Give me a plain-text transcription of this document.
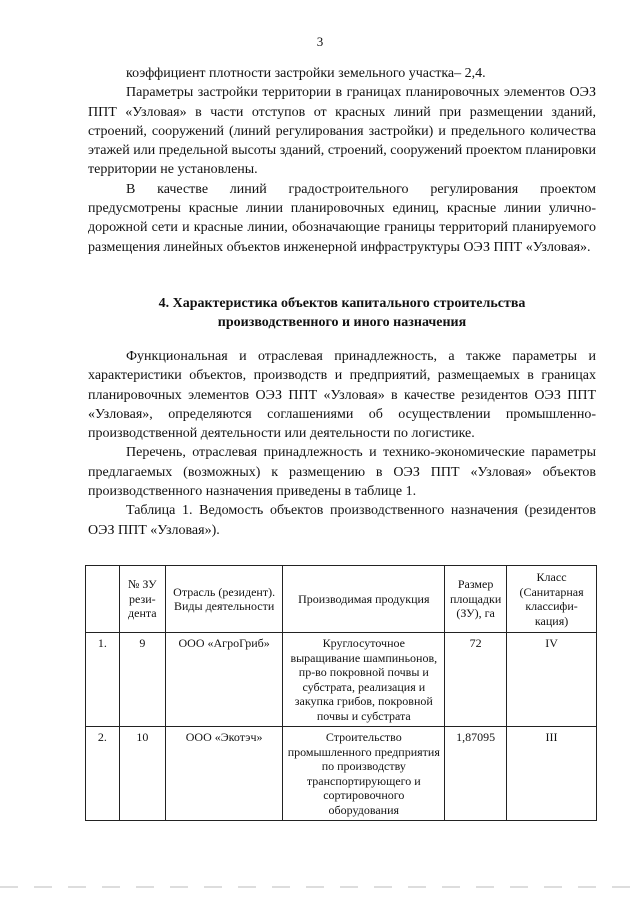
3

коэффициент плотности застройки земельного участка– 2,4.

Параметры застройки территории в границах планировочных элементов ОЭЗ ППТ «Узловая» в части отступов от красных линий при размещении зданий, строений, сооружений (линий регулирования застройки) и предельного количества этажей или предельной высоты зданий, строений, сооружений проектом планировки территории не установлены.

В качестве линий градостроительного регулирования проектом предусмотрены красные линии планировочных единиц, красные линии улично-дорожной сети и красные линии, обозначающие границы территорий планируемого размещения линейных объектов инженерной инфраструктуры ОЭЗ ППТ «Узловая».

4. Характеристика объектов капитального строительства
производственного и иного назначения

Функциональная и отраслевая принадлежность, а также параметры и характеристики объектов, производств и предприятий, размещаемых в границах планировочных элементов ОЭЗ ППТ «Узловая» в качестве резидентов ОЭЗ ППТ «Узловая», определяются соглашениями об осуществлении промышленно-производственной деятельности или деятельности по логистике.

Перечень, отраслевая принадлежность и технико-экономические параметры предлагаемых (возможных) к размещению в ОЭЗ ППТ «Узловая» объектов производственного назначения приведены в таблице 1.

Таблица 1. Ведомость объектов производственного назначения (резидентов ОЭЗ ППТ «Узловая»).

	№ ЗУ рези-дента	Отрасль (резидент). Виды деятельности	Производимая продукция	Размер площадки (ЗУ), га	Класс (Санитарная классифи-кация)
1.	9	ООО «АгроГриб»	Круглосуточное выращивание шампиньонов, пр-во покровной почвы и субстрата, реализация и закупка грибов, покровной почвы и субстрата	72	IV
2.	10	ООО «Экотэч»	Строительство промышленного предприятия по производству транспортирующего и сортировочного оборудования	1,87095	III
